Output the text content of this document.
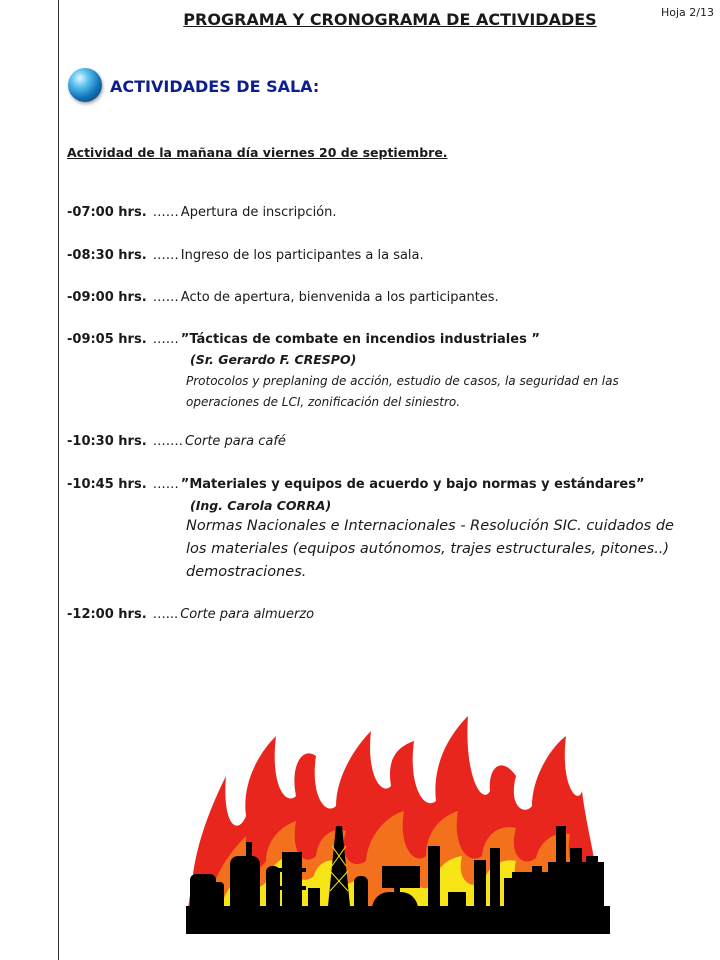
PROGRAMA Y CRONOGRAMA DE ACTIVIDADES	Hoja 2/13
ACTIVIDADES DE SALA:
Actividad de la mañana día viernes 20 de septiembre.
-07:00 hrs. …… Apertura de inscripción.
-08:30 hrs. …… Ingreso de los participantes a la sala.
-09:00 hrs. …… Acto de apertura, bienvenida a los participantes.
-09:05 hrs. …… ”Tácticas de combate en incendios industriales ”
(Sr. Gerardo F. CRESPO)
Protocolos y preplaning de acción, estudio de casos, la seguridad en las
operaciones de LCI, zonificación del siniestro.
-10:30 hrs. ……. Corte para café
-10:45 hrs. …… ”Materiales y equipos de acuerdo y bajo normas y estándares”
(Ing. Carola CORRA)
Normas Nacionales e Internacionales - Resolución SIC. cuidados de
los materiales (equipos autónomos, trajes estructurales, pitones..)
demostraciones.
-12:00 hrs. …... Corte para almuerzo
